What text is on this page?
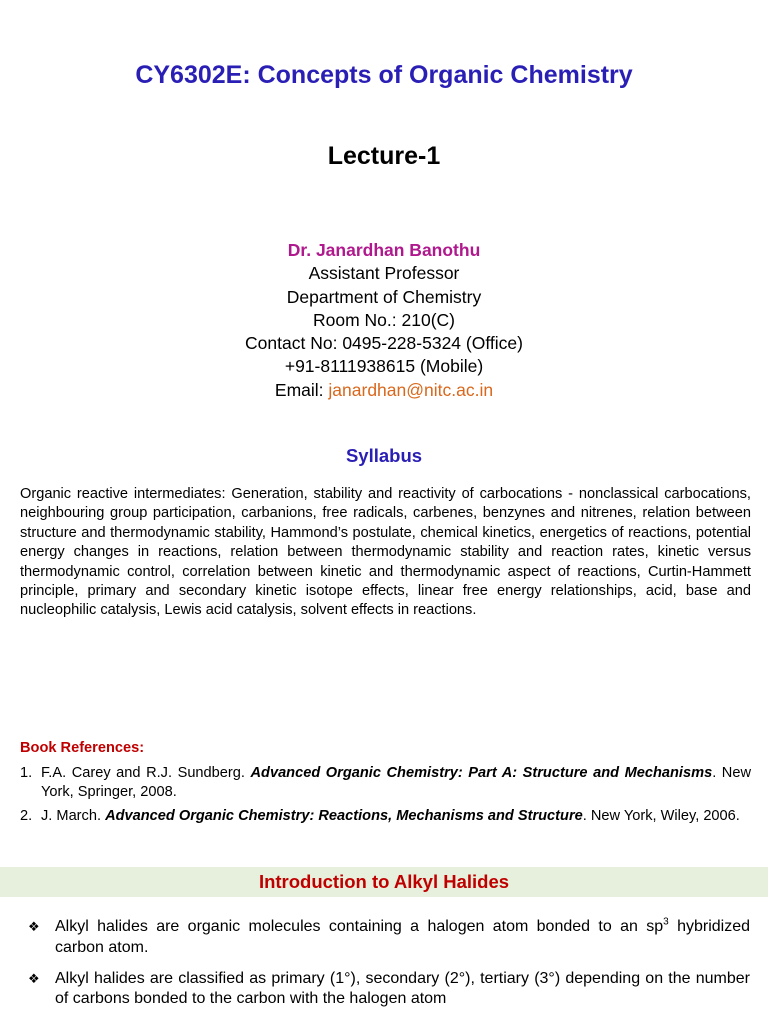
CY6302E: Concepts of Organic Chemistry
Lecture-1
Dr. Janardhan Banothu
Assistant Professor
Department of Chemistry
Room No.: 210(C)
Contact No: 0495-228-5324 (Office)
+91-8111938615 (Mobile)
Email: janardhan@nitc.ac.in
Syllabus
Organic reactive intermediates: Generation, stability and reactivity of carbocations - nonclassical carbocations, neighbouring group participation, carbanions, free radicals, carbenes, benzynes and nitrenes, relation between structure and thermodynamic stability, Hammond’s postulate, chemical kinetics, energetics of reactions, potential energy changes in reactions, relation between thermodynamic stability and reaction rates, kinetic versus thermodynamic control, correlation between kinetic and thermodynamic aspect of reactions, Curtin-Hammett principle, primary and secondary kinetic isotope effects, linear free energy relationships, acid, base and nucleophilic catalysis, Lewis acid catalysis, solvent effects in reactions.
Book References:
1. F.A. Carey and R.J. Sundberg. Advanced Organic Chemistry: Part A: Structure and Mechanisms. New York, Springer, 2008.
2. J. March. Advanced Organic Chemistry: Reactions, Mechanisms and Structure. New York, Wiley, 2006.
Introduction to Alkyl Halides
❖ Alkyl halides are organic molecules containing a halogen atom bonded to an $sp^3$ hybridized carbon atom.
❖ Alkyl halides are classified as primary (1°), secondary (2°), tertiary (3°) depending on the number of carbons bonded to the carbon with the halogen atom
